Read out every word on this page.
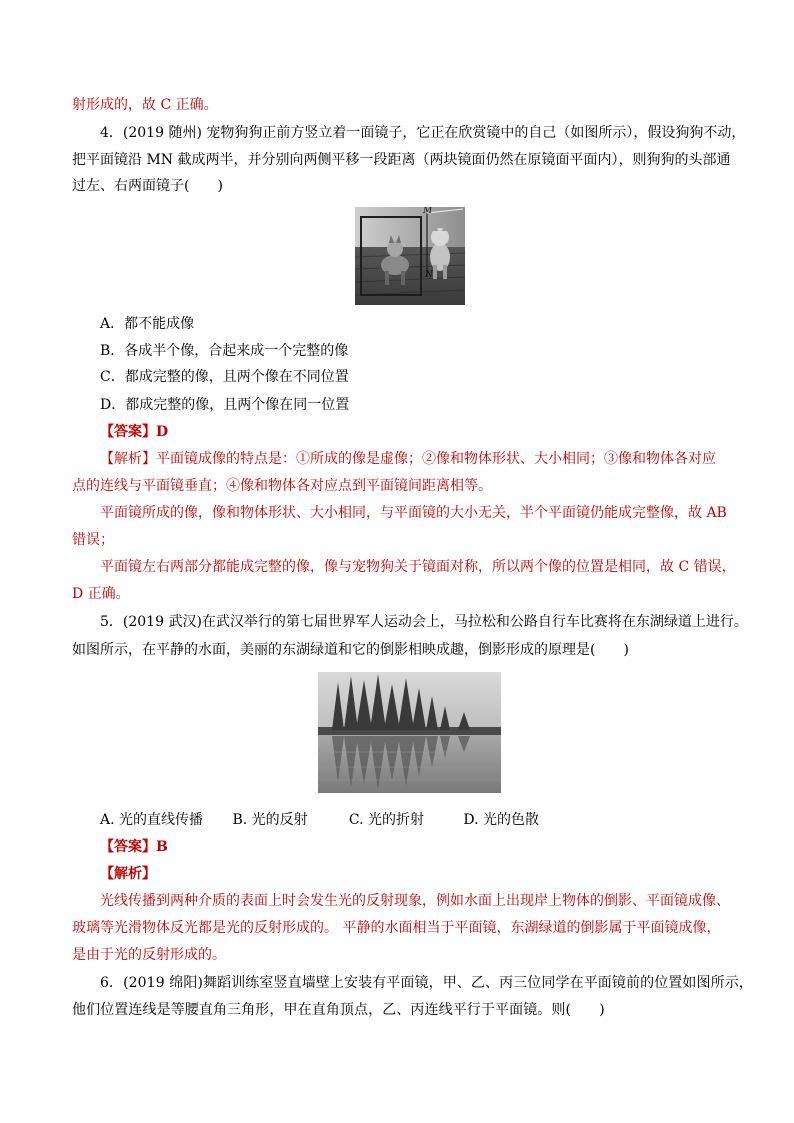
射形成的，故 C 正确。
4．(2019 随州) 宠物狗狗正前方竖立着一面镜子，它正在欣赏镜中的自己（如图所示），假设狗狗不动，
把平面镜沿 MN 截成两半，并分别向两侧平移一段距离（两块镜面仍然在原镜面平面内），则狗狗的头部通
过左、右两面镜子(　　)
M
N
A．都不能成像
B．各成半个像，合起来成一个完整的像
C．都成完整的像，且两个像在不同位置
D．都成完整的像，且两个像在同一位置
【答案】D
【解析】平面镜成像的特点是：①所成的像是虚像；②像和物体形状、大小相同；③像和物体各对应
点的连线与平面镜垂直；④像和物体各对应点到平面镜间距离相等。
平面镜所成的像，像和物体形状、大小相同，与平面镜的大小无关，半个平面镜仍能成完整像，故 AB
错误；
平面镜左右两部分都能成完整的像，像与宠物狗关于镜面对称，所以两个像的位置是相同，故 C 错误，
D 正确。
5．(2019 武汉)在武汉举行的第七届世界军人运动会上，马拉松和公路自行车比赛将在东湖绿道上进行。
如图所示，在平静的水面，美丽的东湖绿道和它的倒影相映成趣，倒影形成的原理是(　　)
A. 光的直线传播 B. 光的反射	C. 光的折射	D. 光的色散
【答案】B
【解析】
光线传播到两种介质的表面上时会发生光的反射现象，例如水面上出现岸上物体的倒影、平面镜成像、
玻璃等光滑物体反光都是光的反射形成的。 平静的水面相当于平面镜，东湖绿道的倒影属于平面镜成像，
是由于光的反射形成的。
6．(2019 绵阳)舞蹈训练室竖直墙壁上安装有平面镜，甲、乙、丙三位同学在平面镜前的位置如图所示，
他们位置连线是等腰直角三角形，甲在直角顶点，乙、丙连线平行于平面镜。则(　　)
